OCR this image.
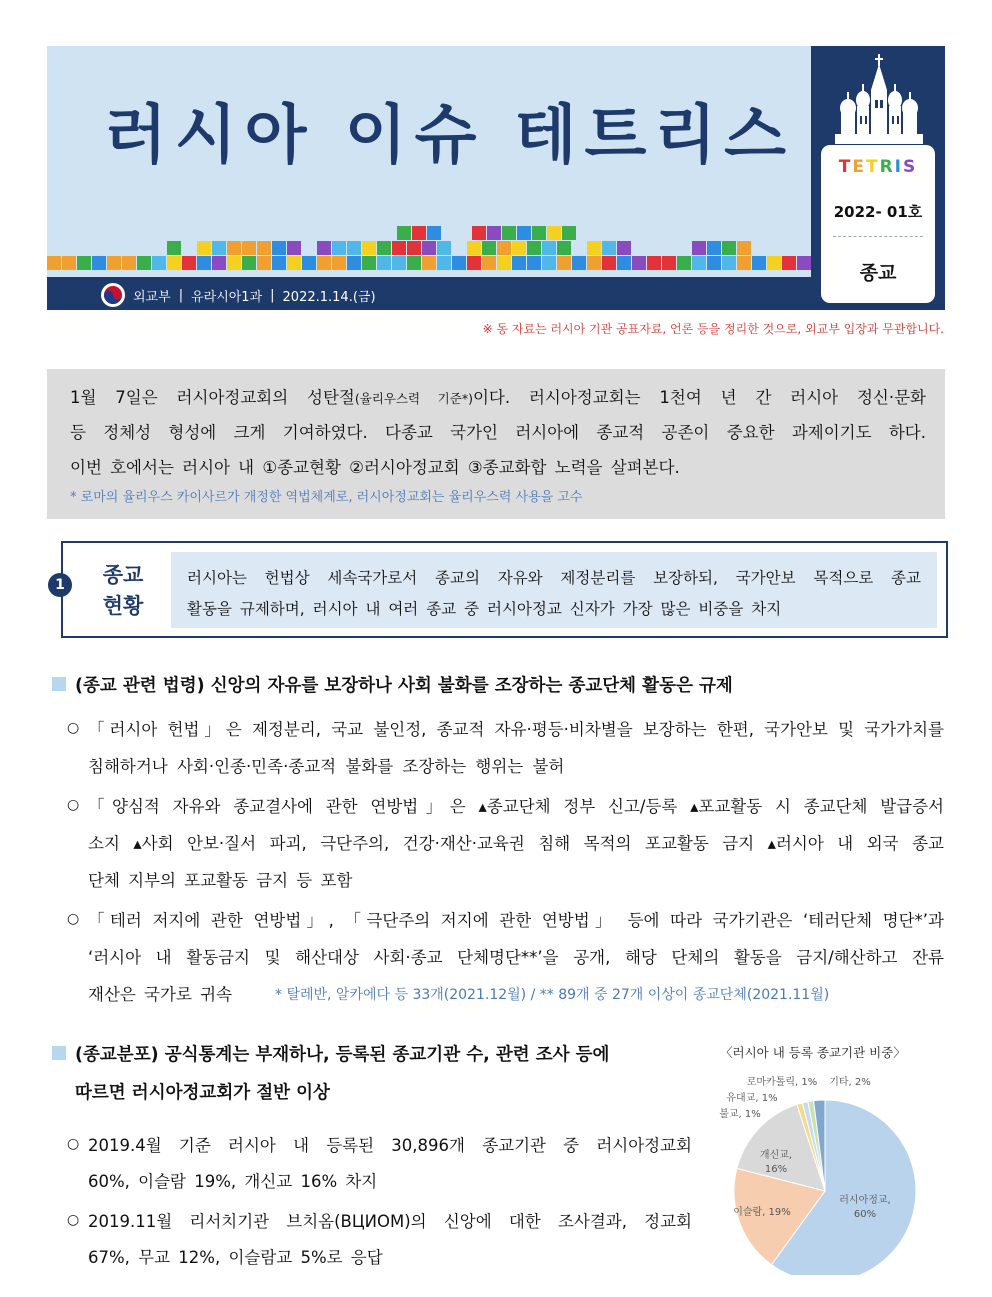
러시아 이슈 테트리스	TETRIS
2022- 01호
종교
외교부 | 유라시아1과 | 2022.1.14.(금)
※ 동 자료는 러시아 기관 공표자료, 언론 등을 정리한 것으로, 외교부 입장과 무관합니다.
1월 7일은 러시아정교회의 성탄절(율리우스력 기준*)이다. 러시아정교회는 1천여 년 간 러시아 정신·문화
등 정체성 형성에 크게 기여하였다. 다종교 국가인 러시아에 종교적 공존이 중요한 과제이기도 하다.
이번 호에서는 러시아 내 ①종교현황 ②러시아정교회 ③종교화합 노력을 살펴본다.
* 로마의 율리우스 카이사르가 개정한 역법체계로, 러시아정교회는 율리우스력 사용을 고수
1	종교
현황
러시아는 헌법상 세속국가로서 종교의 자유와 제정분리를 보장하되, 국가안보 목적으로 종교
활동을 규제하며, 러시아 내 여러 종교 중 러시아정교 신자가 가장 많은 비중을 차지
(종교 관련 법령) 신앙의 자유를 보장하나 사회 불화를 조장하는 종교단체 활동은 규제
○ 「러시아 헌법」은 제정분리, 국교 불인정, 종교적 자유·평등·비차별을 보장하는 한편, 국가안보 및 국가가치를
침해하거나 사회·인종·민족·종교적 불화를 조장하는 행위는 불허
○ 「양심적 자유와 종교결사에 관한 연방법」은 ▴종교단체 정부 신고/등록 ▴포교활동 시 종교단체 발급증서
소지 ▴사회 안보·질서 파괴, 극단주의, 건강·재산·교육권 침해 목적의 포교활동 금지 ▴러시아 내 외국 종교
단체 지부의 포교활동 금지 등 포함
○ 「테러 저지에 관한 연방법」, 「극단주의 저지에 관한 연방법」 등에 따라 국가기관은 ‘테러단체 명단*’과
‘러시아 내 활동금지 및 해산대상 사회·종교 단체명단**’을 공개, 해당 단체의 활동을 금지/해산하고 잔류
재산은 국가로 귀속	* 탈레반, 알카에다 등 33개(2021.12월) / ** 89개 중 27개 이상이 종교단체(2021.11월)
(종교분포) 공식통계는 부재하나, 등록된 종교기관 수, 관련 조사 등에
따르면 러시아정교회가 절반 이상
○ 2019.4월 기준 러시아 내 등록된 30,896개 종교기관 중 러시아정교회
60%, 이슬람 19%, 개신교 16% 차지
○ 2019.11월 리서치기관 브치옴(ВЦИОМ)의 신앙에 대한 조사결과, 정교회
67%, 무교 12%, 이슬람교 5%로 응답
〈러시아 내 등록 종교기관 비중〉
러시아정교,
60%
이슬람, 19%
개신교,
16%
불교, 1%
유대교, 1%
로마카톨릭, 1% 기타, 2%
